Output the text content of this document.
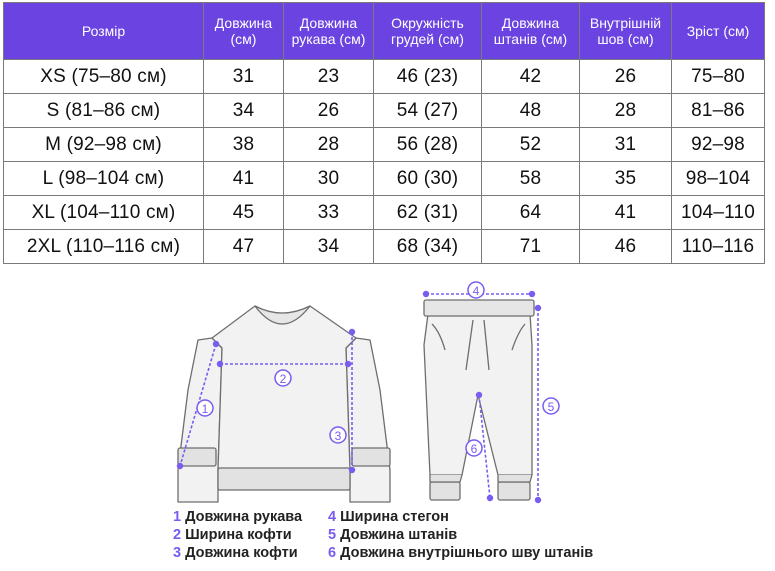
Розмір	Довжина (см)	Довжина рукава (см)	Окружність грудей (см)	Довжина штанів (см)	Внутрішній шов (см)	Зріст (см)
XS (75–80 см)	31	23	46 (23)	42	26	75–80
S (81–86 см)	34	26	54 (27)	48	28	81–86
M (92–98 см)	38	28	56 (28)	52	31	92–98
L (98–104 см)	41	30	60 (30)	58	35	98–104
XL (104–110 см)	45	33	62 (31)	64	41	104–110
2XL (110–116 см)	47	34	68 (34)	71	46	110–116
1
2
3
4
5
6
1 Довжина рукава
2 Ширина кофти
3 Довжина кофти
4 Ширина стегон
5 Довжина штанів
6 Довжина внутрішнього шву штанів
